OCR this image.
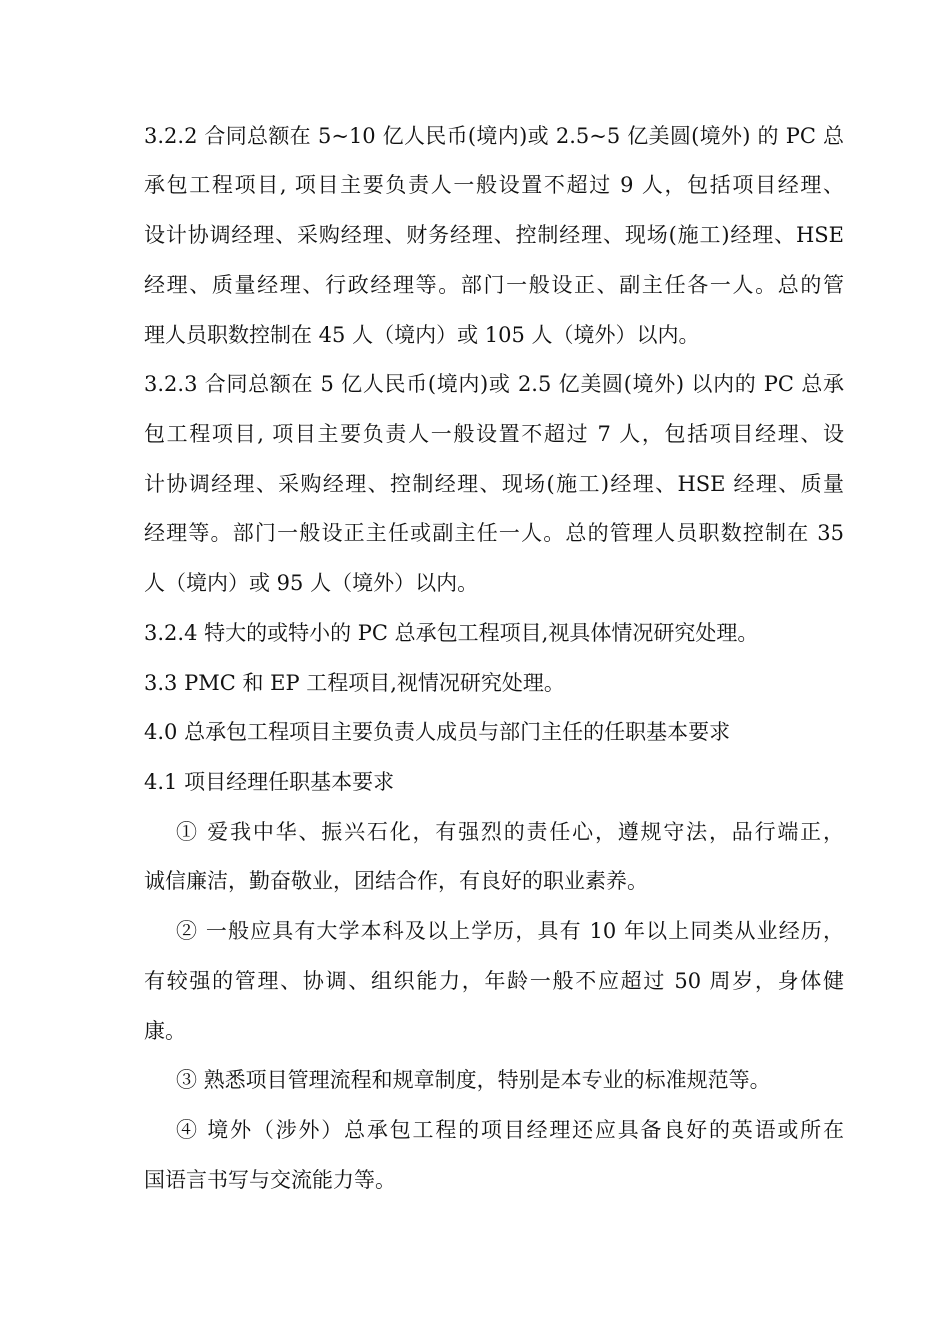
3.2.2 合同总额在 5~10 亿人民币(境内)或 2.5~5 亿美圆(境外) 的 PC 总
承包工程项目, 项目主要负责人一般设置不超过 9 人，包括项目经理、
设计协调经理、采购经理、财务经理、控制经理、现场(施工)经理、HSE
经理、质量经理、行政经理等。部门一般设正、副主任各一人。总的管
理人员职数控制在 45 人（境内）或 105 人（境外）以内。
3.2.3 合同总额在 5 亿人民币(境内)或 2.5 亿美圆(境外) 以内的 PC 总承
包工程项目, 项目主要负责人一般设置不超过 7 人，包括项目经理、设
计协调经理、采购经理、控制经理、现场(施工)经理、HSE 经理、质量
经理等。部门一般设正主任或副主任一人。总的管理人员职数控制在 35
人（境内）或 95 人（境外）以内。
3.2.4 特大的或特小的 PC 总承包工程项目,视具体情况研究处理。
3.3 PMC 和 EP 工程项目,视情况研究处理。
4.0 总承包工程项目主要负责人成员与部门主任的任职基本要求
4.1 项目经理任职基本要求
① 爱我中华、振兴石化，有强烈的责任心，遵规守法，品行端正，
诚信廉洁，勤奋敬业，团结合作，有良好的职业素养。
② 一般应具有大学本科及以上学历，具有 10 年以上同类从业经历，
有较强的管理、协调、组织能力，年龄一般不应超过 50 周岁，身体健
康。
③ 熟悉项目管理流程和规章制度，特别是本专业的标准规范等。
④ 境外（涉外）总承包工程的项目经理还应具备良好的英语或所在
国语言书写与交流能力等。
